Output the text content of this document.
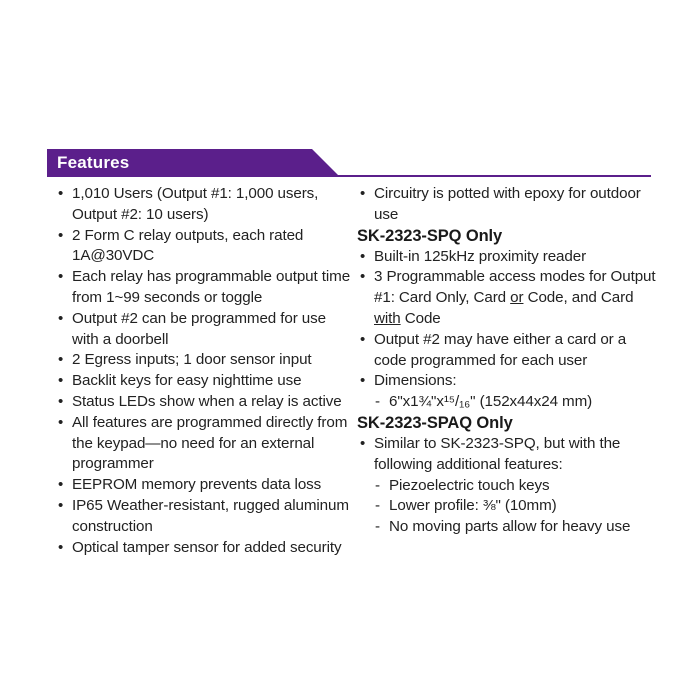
Features
• 1,010 Users (Output #1: 1,000 users, Output #2: 10 users)
• 2 Form C relay outputs, each rated 1A@30VDC
• Each relay has programmable output time from 1~99 seconds or toggle
• Output #2 can be programmed for use with a doorbell
• 2 Egress inputs; 1 door sensor input
• Backlit keys for easy nighttime use
• Status LEDs show when a relay is active
• All features are programmed directly from the keypad—no need for an external programmer
• EEPROM memory prevents data loss
• IP65 Weather-resistant, rugged aluminum construction
• Optical tamper sensor for added security
• Circuitry is potted with epoxy for outdoor use
SK-2323-SPQ Only
• Built-in 125kHz proximity reader
• 3 Programmable access modes for Output #1: Card Only, Card or Code, and Card with Code
• Output #2 may have either a card or a code programmed for each user
• Dimensions:
- 6"x1¾"x¹⁵/₁₆" (152x44x24 mm)
SK-2323-SPAQ Only
• Similar to SK-2323-SPQ, but with the following additional features:
- Piezoelectric touch keys
- Lower profile: ⅜" (10mm)
- No moving parts allow for heavy use
